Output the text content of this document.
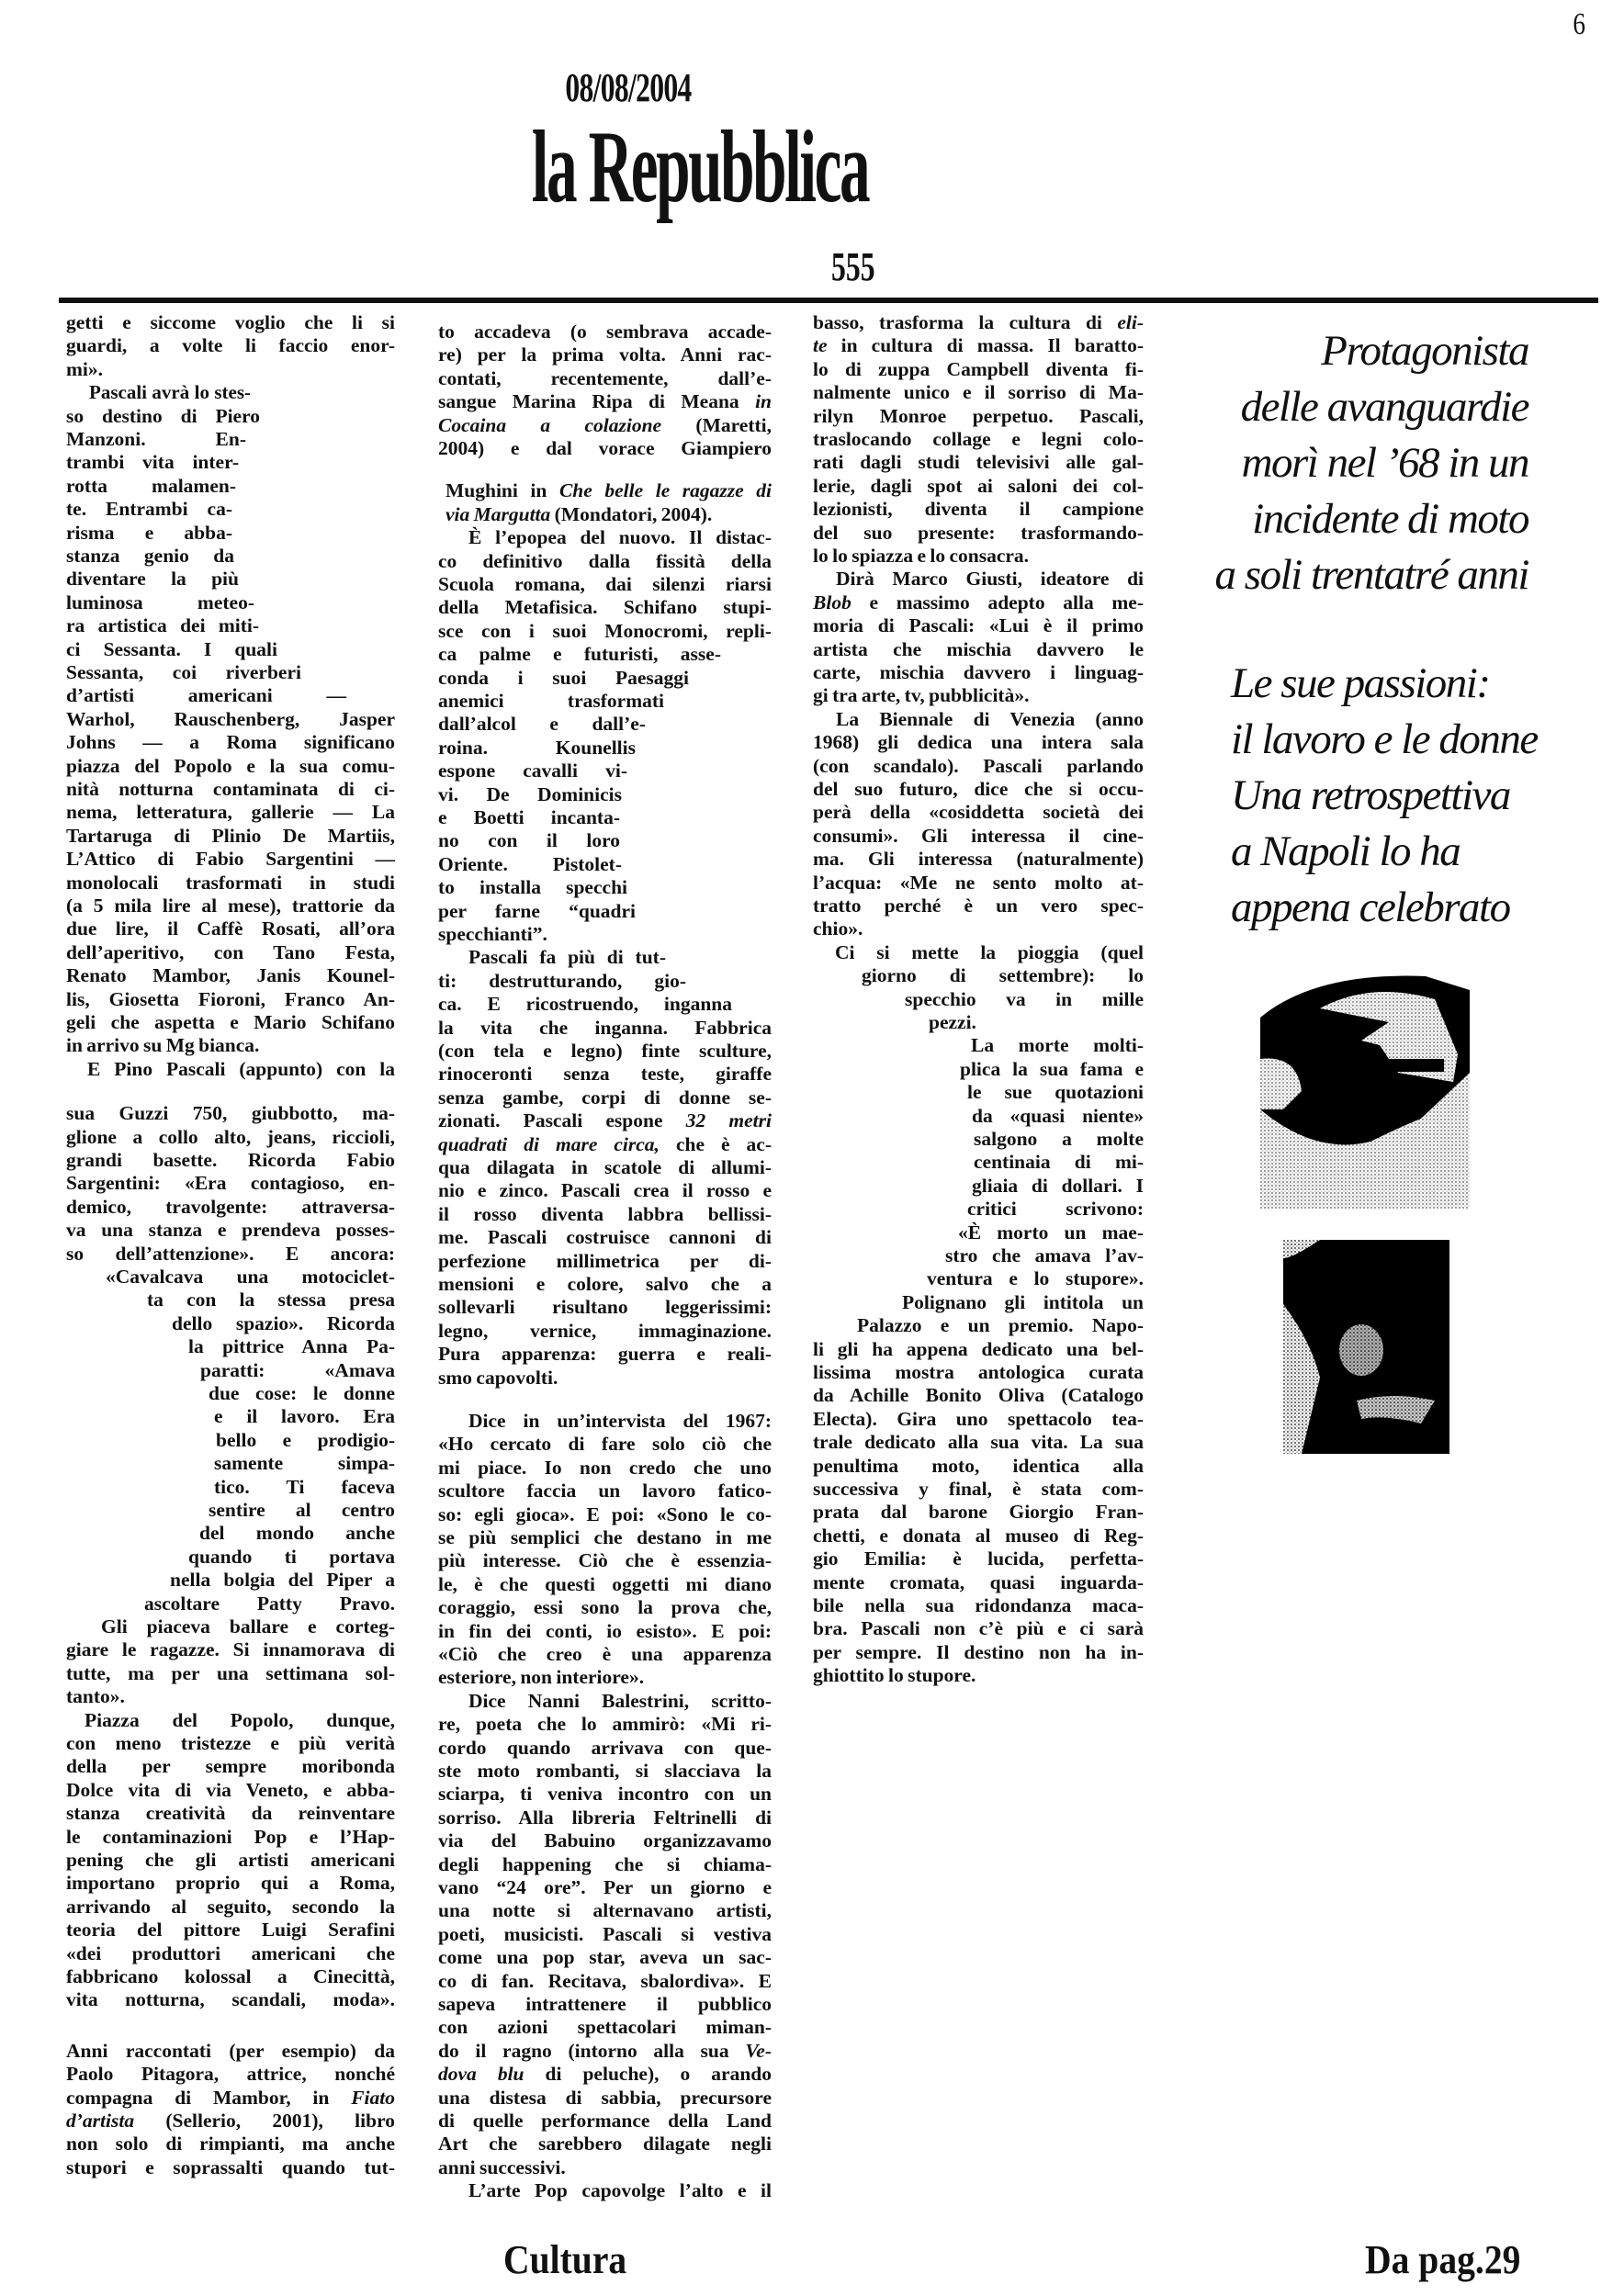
6
08/08/2004
la Repubblica
555
getti e siccome voglio che li si
guardi, a volte li faccio enor-
mi».
Pascali avrà lo stes-
so destino di Piero
Manzoni. En-
trambi vita inter-
rotta malamen-
te. Entrambi ca-
risma e abba-
stanza genio da
diventare la più
luminosa meteo-
ra artistica dei miti-
ci Sessanta. I quali
Sessanta, coi riverberi
d’artisti americani —
Warhol, Rauschenberg, Jasper
Johns — a Roma significano
piazza del Popolo e la sua comu-
nità notturna contaminata di ci-
nema, letteratura, gallerie — La
Tartaruga di Plinio De Martiis,
L’Attico di Fabio Sargentini —
monolocali trasformati in studi
(a 5 mila lire al mese), trattorie da
due lire, il Caffè Rosati, all’ora
dell’aperitivo, con Tano Festa,
Renato Mambor, Janis Kounel-
lis, Giosetta Fioroni, Franco An-
geli che aspetta e Mario Schifano
in arrivo su Mg bianca.
E Pino Pascali (appunto) con la
sua Guzzi 750, giubbotto, ma-
glione a collo alto, jeans, riccioli,
grandi basette. Ricorda Fabio
Sargentini: «Era contagioso, en-
demico, travolgente: attraversa-
va una stanza e prendeva posses-
so dell’attenzione». E ancora:
«Cavalcava una motociclet-
ta con la stessa presa
dello spazio». Ricorda
la pittrice Anna Pa-
paratti: «Amava
due cose: le donne
e il lavoro. Era
bello e prodigio-
samente simpa-
tico. Ti faceva
sentire al centro
del mondo anche
quando ti portava
nella bolgia del Piper a
ascoltare Patty Pravo.
Gli piaceva ballare e corteg-
giare le ragazze. Si innamorava di
tutte, ma per una settimana sol-
tanto».
Piazza del Popolo, dunque,
con meno tristezze e più verità
della per sempre moribonda
Dolce vita di via Veneto, e abba-
stanza creatività da reinventare
le contaminazioni Pop e l’Hap-
pening che gli artisti americani
importano proprio qui a Roma,
arrivando al seguito, secondo la
teoria del pittore Luigi Serafini
«dei produttori americani che
fabbricano kolossal a Cinecittà,
vita notturna, scandali, moda».
Anni raccontati (per esempio) da
Paolo Pitagora, attrice, nonché
compagna di Mambor, in Fiato
d’artista (Sellerio, 2001), libro
non solo di rimpianti, ma anche
stupori e soprassalti quando tut-
to accadeva (o sembrava accade-
re) per la prima volta. Anni rac-
contati, recentemente, dall’e-
sangue Marina Ripa di Meana in
Cocaina a colazione (Maretti,
2004) e dal vorace Giampiero
Mughini in Che belle le ragazze di
via Margutta (Mondatori, 2004).
È l’epopea del nuovo. Il distac-
co definitivo dalla fissità della
Scuola romana, dai silenzi riarsi
della Metafisica. Schifano stupi-
sce con i suoi Monocromi, repli-
ca palme e futuristi, asse-
conda i suoi Paesaggi
anemici trasformati
dall’alcol e dall’e-
roina. Kounellis
espone cavalli vi-
vi. De Dominicis
e Boetti incanta-
no con il loro
Oriente. Pistolet-
to installa specchi
per farne “quadri
specchianti”.
Pascali fa più di tut-
ti: destrutturando, gio-
ca. E ricostruendo, inganna
la vita che inganna. Fabbrica
(con tela e legno) finte sculture,
rinoceronti senza teste, giraffe
senza gambe, corpi di donne se-
zionati. Pascali espone 32 metri
quadrati di mare circa, che è ac-
qua dilagata in scatole di allumi-
nio e zinco. Pascali crea il rosso e
il rosso diventa labbra bellissi-
me. Pascali costruisce cannoni di
perfezione millimetrica per di-
mensioni e colore, salvo che a
sollevarli risultano leggerissimi:
legno, vernice, immaginazione.
Pura apparenza: guerra e reali-
smo capovolti.
Dice in un’intervista del 1967:
«Ho cercato di fare solo ciò che
mi piace. Io non credo che uno
scultore faccia un lavoro fatico-
so: egli gioca». E poi: «Sono le co-
se più semplici che destano in me
più interesse. Ciò che è essenzia-
le, è che questi oggetti mi diano
coraggio, essi sono la prova che,
in fin dei conti, io esisto». E poi:
«Ciò che creo è una apparenza
esteriore, non interiore».
Dice Nanni Balestrini, scritto-
re, poeta che lo ammirò: «Mi ri-
cordo quando arrivava con que-
ste moto rombanti, si slacciava la
sciarpa, ti veniva incontro con un
sorriso. Alla libreria Feltrinelli di
via del Babuino organizzavamo
degli happening che si chiama-
vano “24 ore”. Per un giorno e
una notte si alternavano artisti,
poeti, musicisti. Pascali si vestiva
come una pop star, aveva un sac-
co di fan. Recitava, sbalordiva». E
sapeva intrattenere il pubblico
con azioni spettacolari miman-
do il ragno (intorno alla sua Ve-
dova blu di peluche), o arando
una distesa di sabbia, precursore
di quelle performance della Land
Art che sarebbero dilagate negli
anni successivi.
L’arte Pop capovolge l’alto e il
basso, trasforma la cultura di eli-
te in cultura di massa. Il baratto-
lo di zuppa Campbell diventa fi-
nalmente unico e il sorriso di Ma-
rilyn Monroe perpetuo. Pascali,
traslocando collage e legni colo-
rati dagli studi televisivi alle gal-
lerie, dagli spot ai saloni dei col-
lezionisti, diventa il campione
del suo presente: trasformando-
lo lo spiazza e lo consacra.
Dirà Marco Giusti, ideatore di
Blob e massimo adepto alla me-
moria di Pascali: «Lui è il primo
artista che mischia davvero le
carte, mischia davvero i linguag-
gi tra arte, tv, pubblicità».
La Biennale di Venezia (anno
1968) gli dedica una intera sala
(con scandalo). Pascali parlando
del suo futuro, dice che si occu-
perà della «cosiddetta società dei
consumi». Gli interessa il cine-
ma. Gli interessa (naturalmente)
l’acqua: «Me ne sento molto at-
tratto perché è un vero spec-
chio».
Ci si mette la pioggia (quel
giorno di settembre): lo
specchio va in mille
pezzi.
La morte molti-
plica la sua fama e
le sue quotazioni
da «quasi niente»
salgono a molte
centinaia di mi-
gliaia di dollari. I
critici scrivono:
«È morto un mae-
stro che amava l’av-
ventura e lo stupore».
Polignano gli intitola un
Palazzo e un premio. Napo-
li gli ha appena dedicato una bel-
lissima mostra antologica curata
da Achille Bonito Oliva (Catalogo
Electa). Gira uno spettacolo tea-
trale dedicato alla sua vita. La sua
penultima moto, identica alla
successiva y final, è stata com-
prata dal barone Giorgio Fran-
chetti, e donata al museo di Reg-
gio Emilia: è lucida, perfetta-
mente cromata, quasi inguarda-
bile nella sua ridondanza maca-
bra. Pascali non c’è più e ci sarà
per sempre. Il destino non ha in-
ghiottito lo stupore.
Protagonista
delle avanguardie
morì nel ’68 in un
incidente di moto
a soli trentatré anni
Le sue passioni:
il lavoro e le donne
Una retrospettiva
a Napoli lo ha
appena celebrato
Cultura	Da pag.29
